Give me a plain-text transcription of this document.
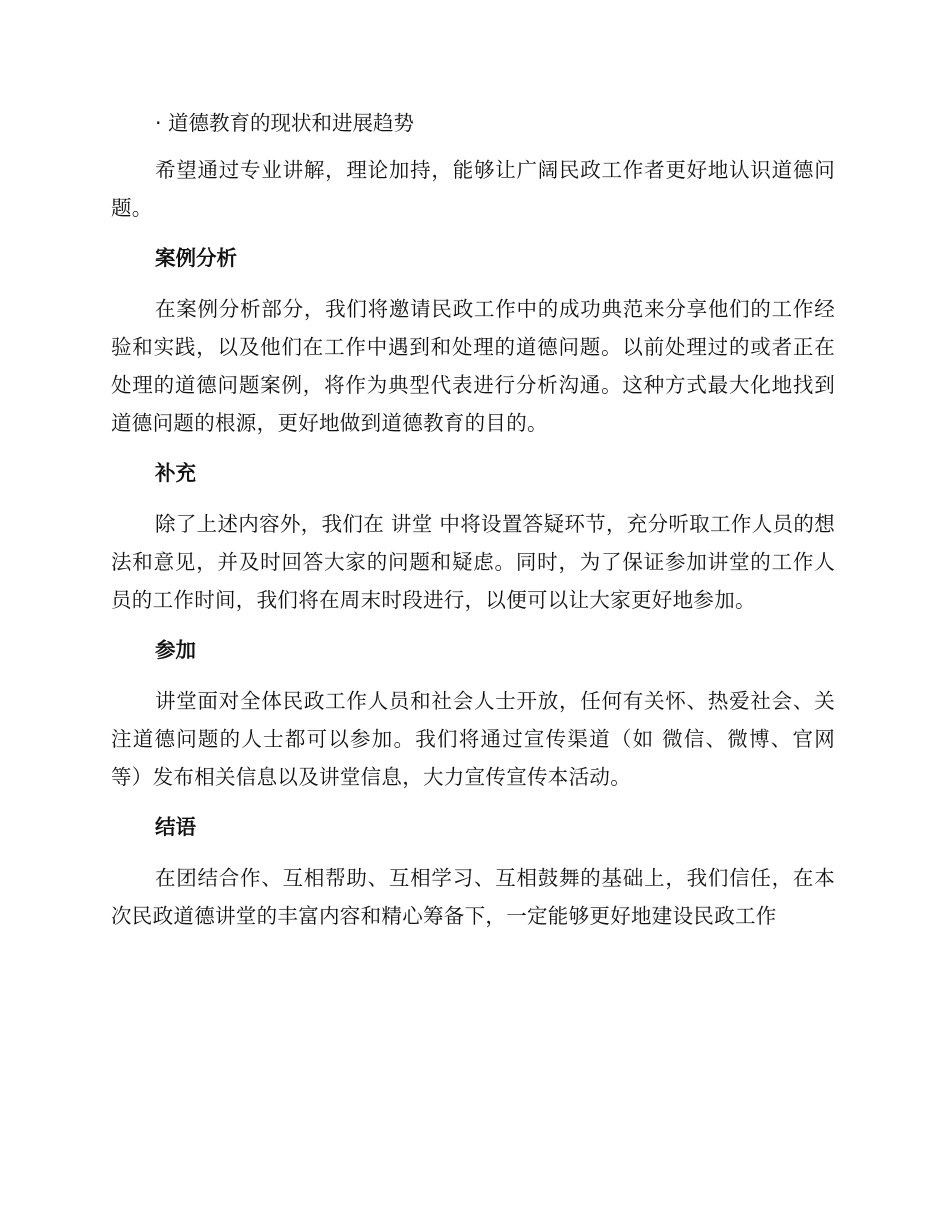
· 道德教育的现状和进展趋势

希望通过专业讲解，理论加持，能够让广阔民政工作者更好地认识道德问题。

案例分析

在案例分析部分，我们将邀请民政工作中的成功典范来分享他们的工作经验和实践，以及他们在工作中遇到和处理的道德问题。以前处理过的或者正在处理的道德问题案例，将作为典型代表进行分析沟通。这种方式最大化地找到道德问题的根源，更好地做到道德教育的目的。

补充

除了上述内容外，我们在 讲堂 中将设置答疑环节，充分听取工作人员的想法和意见，并及时回答大家的问题和疑虑。同时，为了保证参加讲堂的工作人员的工作时间，我们将在周末时段进行，以便可以让大家更好地参加。

参加

讲堂面对全体民政工作人员和社会人士开放，任何有关怀、热爱社会、关注道德问题的人士都可以参加。我们将通过宣传渠道（如 微信、微博、官网等）发布相关信息以及讲堂信息，大力宣传宣传本活动。

结语

在团结合作、互相帮助、互相学习、互相鼓舞的基础上，我们信任，在本次民政道德讲堂的丰富内容和精心筹备下，一定能够更好地建设民政工作
